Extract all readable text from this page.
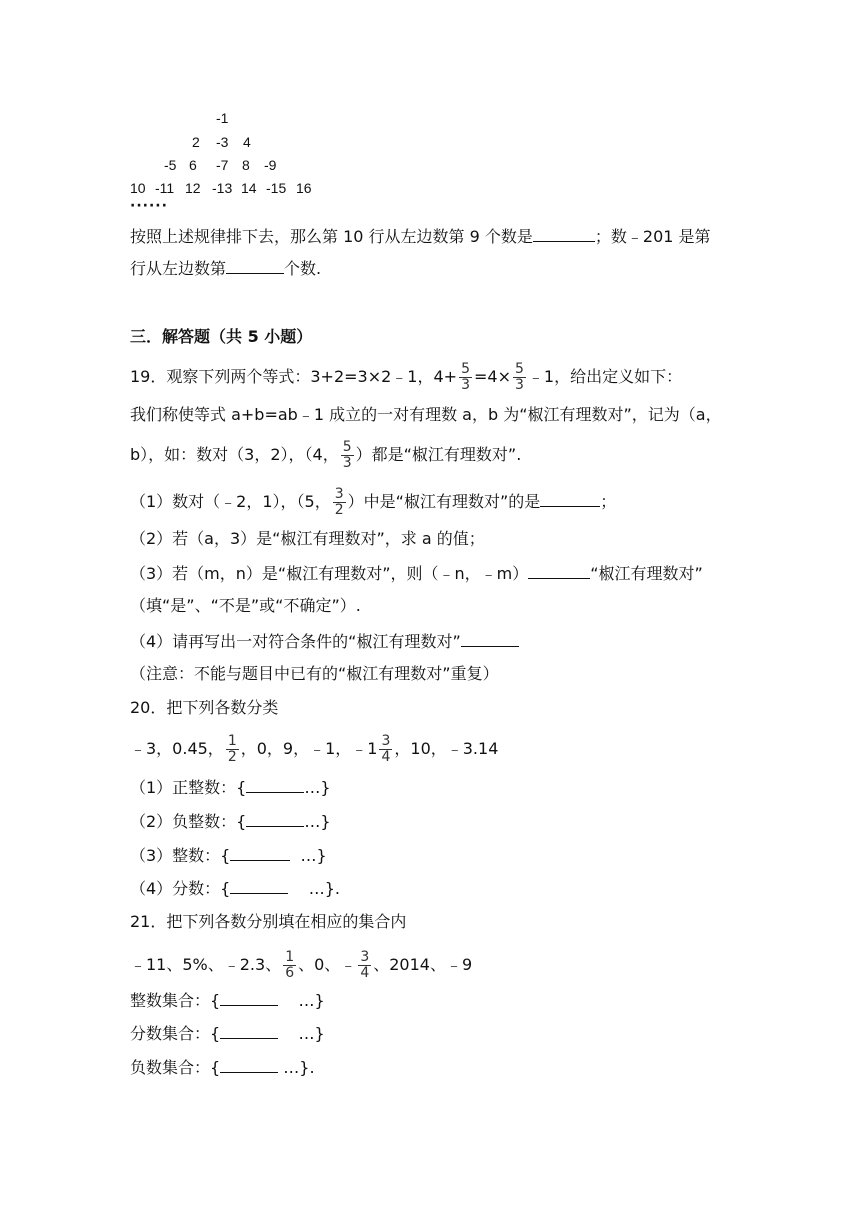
-1
2 -3 4
-5 6 -7 8 -9
10 -11 12 -13 14 -15 16
······
按照上述规律排下去，那么第 10 行从左边数第 9 个数是	；数﹣201 是第
行从左边数第	个数.
三．解答题（共 5 小题）
19．观察下列两个等式：3+2=3×2﹣1，$4+ \frac{5}{3} =4\times \frac{5}{3}$ ﹣1，给出定义如下：
我们称使等式 a+b=ab﹣1 成立的一对有理数 a，b 为“椒江有理数对”，记为（a，
b），如：数对（3，2），（4， $\frac{5}{3}$ ）都是“椒江有理数对”.
（1）数对（﹣2，1），（5， $\frac{3}{2}$ ）中是“椒江有理数对”的是	；
（2）若（a，3）是“椒江有理数对”，求 a 的值；
（3）若（m，n）是“椒江有理数对”，则（﹣n，﹣m）	“椒江有理数对”
（填“是”、“不是”或“不确定”）.
（4）请再写出一对符合条件的“椒江有理数对”
（注意：不能与题目中已有的“椒江有理数对”重复）
20．把下列各数分类
﹣3，0.45， $\frac{1}{2}$ ，0，9，﹣1，﹣1 $\frac{3}{4}$ ，10，﹣3.14
（1）正整数：{	…}
（2）负整数：{	…}
（3）整数：{	…}
（4）分数：{	…}.
21．把下列各数分别填在相应的集合内
﹣11、5%、﹣2.3、 $\frac{1}{6}$ 、0、﹣ $\frac{3}{4}$ 、2014、﹣9
整数集合：{	…}
分数集合：{	…}
负数集合：{	…}.
